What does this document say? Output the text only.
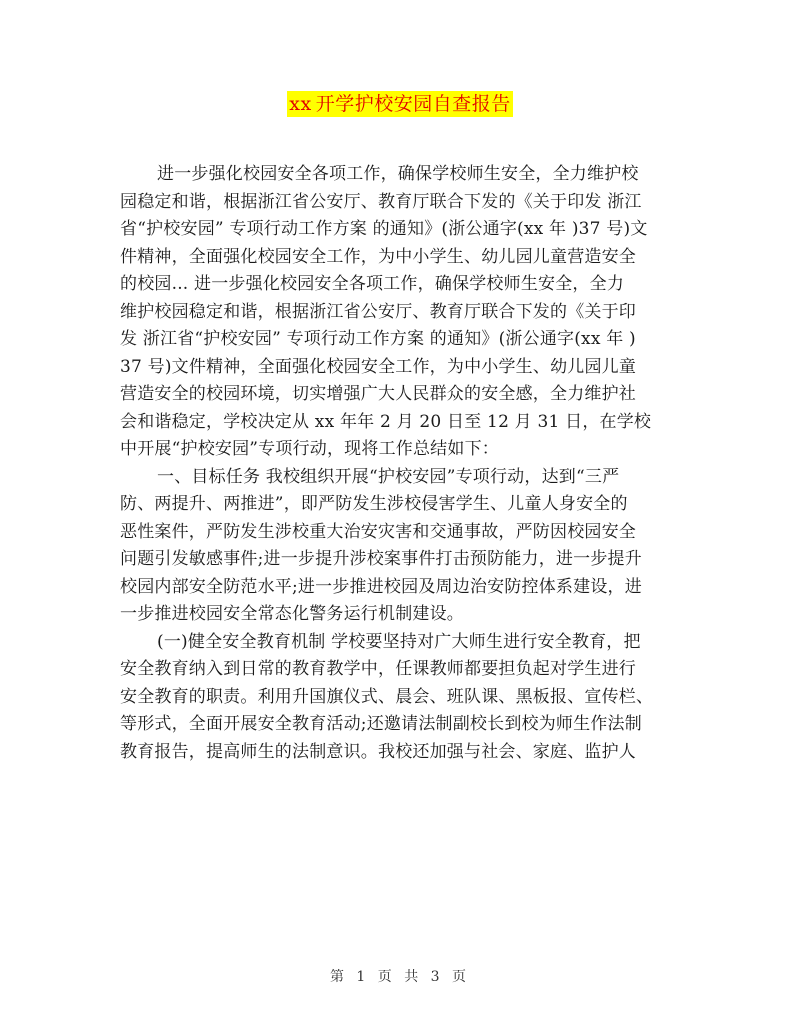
xx 开学护校安园自查报告
进一步强化校园安全各项工作，确保学校师生安全，全力维护校
园稳定和谐，根据浙江省公安厅、教育厅联合下发的《关于印发 浙江
省“护校安园” 专项行动工作方案 的通知》(浙公通字(xx 年 )37 号)文
件精神，全面强化校园安全工作，为中小学生、幼儿园儿童营造安全
的校园... 进一步强化校园安全各项工作，确保学校师生安全，全力
维护校园稳定和谐，根据浙江省公安厅、教育厅联合下发的《关于印
发 浙江省“护校安园” 专项行动工作方案 的通知》(浙公通字(xx 年 )
37 号)文件精神，全面强化校园安全工作，为中小学生、幼儿园儿童
营造安全的校园环境，切实增强广大人民群众的安全感，全力维护社
会和谐稳定，学校决定从 xx 年年 2 月 20 日至 12 月 31 日，在学校
中开展“护校安园”专项行动，现将工作总结如下：
一、目标任务 我校组织开展“护校安园”专项行动，达到“三严
防、两提升、两推进”，即严防发生涉校侵害学生、儿童人身安全的
恶性案件，严防发生涉校重大治安灾害和交通事故，严防因校园安全
问题引发敏感事件;进一步提升涉校案事件打击预防能力，进一步提升
校园内部安全防范水平;进一步推进校园及周边治安防控体系建设，进
一步推进校园安全常态化警务运行机制建设。
(一)健全安全教育机制 学校要坚持对广大师生进行安全教育，把
安全教育纳入到日常的教育教学中，任课教师都要担负起对学生进行
安全教育的职责。利用升国旗仪式、晨会、班队课、黑板报、宣传栏、
等形式，全面开展安全教育活动;还邀请法制副校长到校为师生作法制
教育报告，提高师生的法制意识。我校还加强与社会、家庭、监护人
第 1 页 共 3 页
